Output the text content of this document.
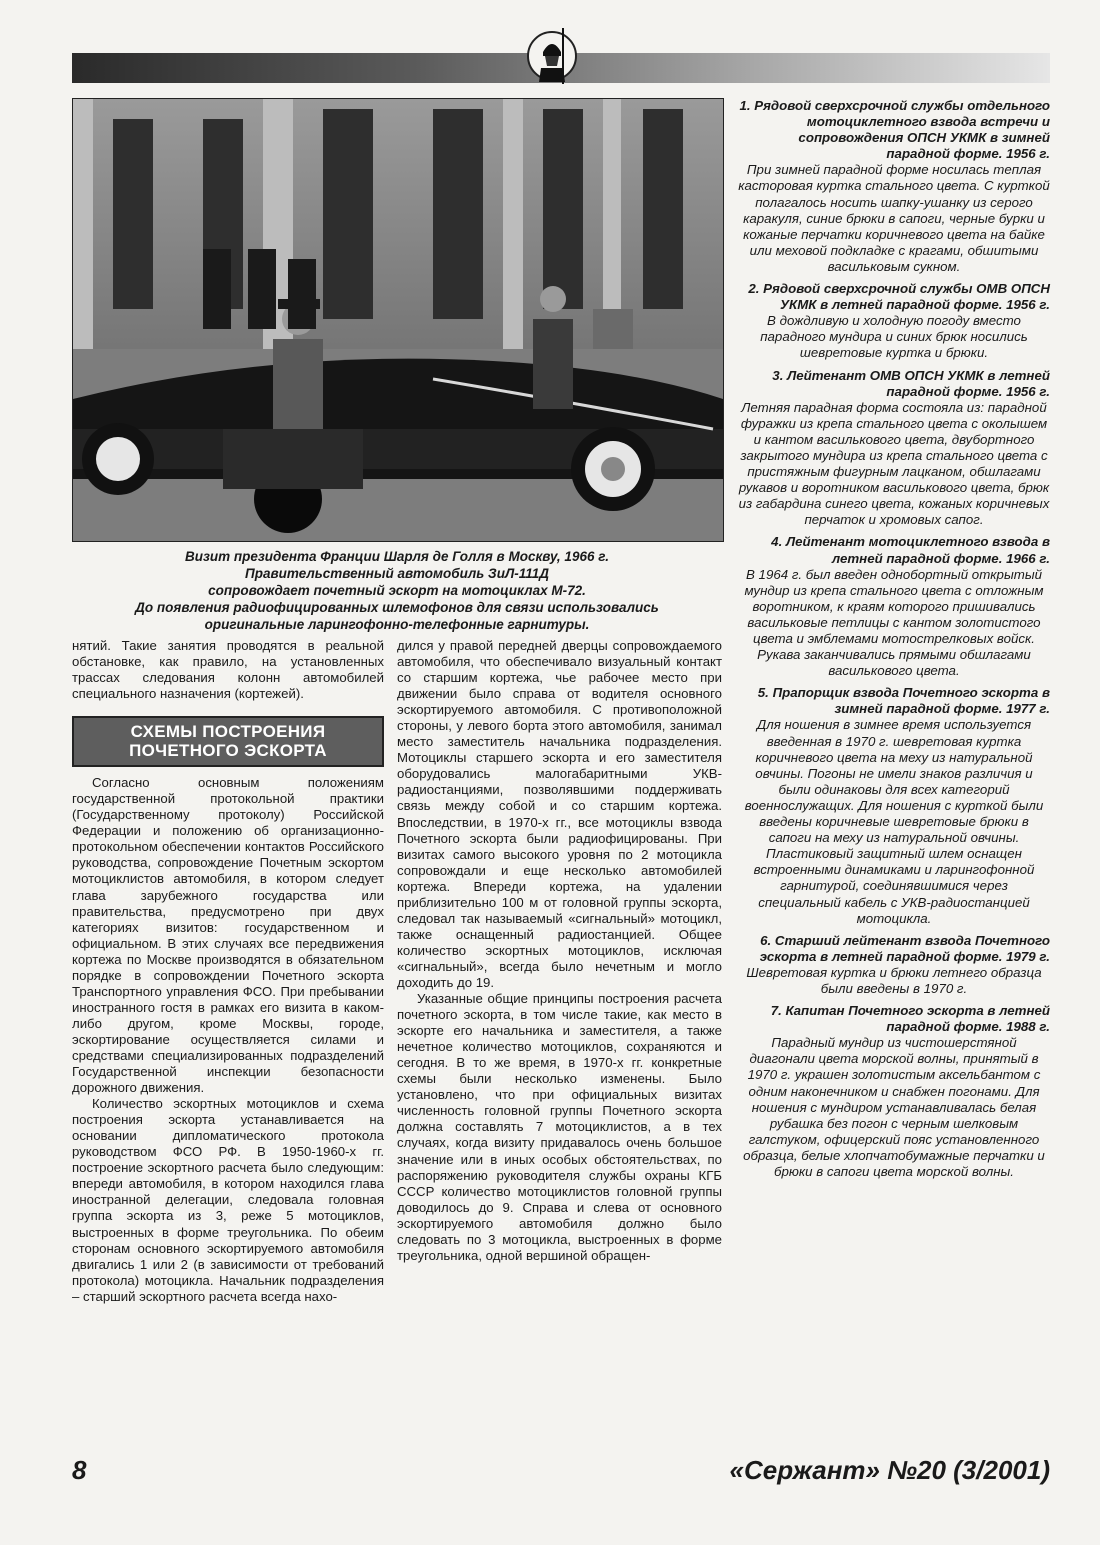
Визит президента Франции Шарля де Голля в Москву, 1966 г.
Правительственный автомобиль ЗиЛ-111Д
сопровождает почетный эскорт на мотоциклах М-72.
До появления радиофицированных шлемофонов для связи использовались
оригинальные ларингофонно-телефонные гарнитуры.

нятий. Такие занятия проводятся в реальной обстановке, как правило, на установленных трассах следования колонн автомобилей специального назначения (кортежей).

СХЕМЫ ПОСТРОЕНИЯ
ПОЧЕТНОГО ЭСКОРТА

Согласно основным положениям государственной протокольной практики (Государственному протоколу) Российской Федерации и положению об организационно-протокольном обеспечении контактов Российского руководства, сопровождение Почетным эскортом мотоциклистов автомобиля, в котором следует глава зарубежного государства или правительства, предусмотрено при двух категориях визитов: государственном и официальном. В этих случаях все передвижения кортежа по Москве производятся в обязательном порядке в сопровождении Почетного эскорта Транспортного управления ФСО. При пребывании иностранного гостя в рамках его визита в каком-либо другом, кроме Москвы, городе, эскортирование осуществляется силами и средствами специализированных подразделений Государственной инспекции безопасности дорожного движения.

Количество эскортных мотоциклов и схема построения эскорта устанавливается на основании дипломатического протокола руководством ФСО РФ. В 1950-1960-х гг. построение эскортного расчета было следующим: впереди автомобиля, в котором находился глава иностранной делегации, следовала головная группа эскорта из 3, реже 5 мотоциклов, выстроенных в форме треугольника. По обеим сторонам основного эскортируемого автомобиля двигались 1 или 2 (в зависимости от требований протокола) мотоцикла. Начальник подразделения – старший эскортного расчета всегда нахо-

дился у правой передней дверцы сопровождаемого автомобиля, что обеспечивало визуальный контакт со старшим кортежа, чье рабочее место при движении было справа от водителя основного эскортируемого автомобиля. С противоположной стороны, у левого борта этого автомобиля, занимал место заместитель начальника подразделения. Мотоциклы старшего эскорта и его заместителя оборудовались малогабаритными УКВ-радиостанциями, позволявшими поддерживать связь между собой и со старшим кортежа. Впоследствии, в 1970-х гг., все мотоциклы взвода Почетного эскорта были радиофицированы. При визитах самого высокого уровня по 2 мотоцикла сопровождали и еще несколько автомобилей кортежа. Впереди кортежа, на удалении приблизительно 100 м от головной группы эскорта, следовал так называемый «сигнальный» мотоцикл, также оснащенный радиостанцией. Общее количество эскортных мотоциклов, исключая «сигнальный», всегда было нечетным и могло доходить до 19.

Указанные общие принципы построения расчета почетного эскорта, в том числе такие, как место в эскорте его начальника и заместителя, а также нечетное количество мотоциклов, сохраняются и сегодня. В то же время, в 1970-х гг. конкретные схемы были несколько изменены. Было установлено, что при официальных визитах численность головной группы Почетного эскорта должна составлять 7 мотоциклистов, а в тех случаях, когда визиту придавалось очень большое значение или в иных особых обстоятельствах, по распоряжению руководителя службы охраны КГБ СССР количество мотоциклистов головной группы доводилось до 9. Справа и слева от основного эскортируемого автомобиля должно было следовать по 3 мотоцикла, выстроенных в форме треугольника, одной вершиной обращен-

1. Рядовой сверхсрочной службы отдельного мотоциклетного взвода встречи и сопровождения ОПСН УКМК в зимней парадной форме. 1956 г.
При зимней парадной форме носилась теплая касторовая куртка стального цвета. С курткой полагалось носить шапку-ушанку из серого каракуля, синие брюки в сапоги, черные бурки и кожаные перчатки коричневого цвета на байке или меховой подкладке с крагами, обшитыми васильковым сукном.
2. Рядовой сверхсрочной службы ОМВ ОПСН УКМК в летней парадной форме. 1956 г.
В дождливую и холодную погоду вместо парадного мундира и синих брюк носились шевретовые куртка и брюки.
3. Лейтенант ОМВ ОПСН УКМК в летней парадной форме. 1956 г.
Летняя парадная форма состояла из: парадной фуражки из крепа стального цвета с околышем и кантом василькового цвета, двубортного закрытого мундира из крепа стального цвета с пристяжным фигурным лацканом, обшлагами рукавов и воротником василькового цвета, брюк из габардина синего цвета, кожаных коричневых перчаток и хромовых сапог.
4. Лейтенант мотоциклетного взвода в летней парадной форме. 1966 г.
В 1964 г. был введен однобортный открытый мундир из крепа стального цвета с отложным воротником, к краям которого пришивались васильковые петлицы с кантом золотистого цвета и эмблемами мотострелковых войск. Рукава заканчивались прямыми обшлагами василькового цвета.
5. Прапорщик взвода Почетного эскорта в зимней парадной форме. 1977 г.
Для ношения в зимнее время используется введенная в 1970 г. шевретовая куртка коричневого цвета на меху из натуральной овчины. Погоны не имели знаков различия и были одинаковы для всех категорий военнослужащих. Для ношения с курткой были введены коричневые шевретовые брюки в сапоги на меху из натуральной овчины. Пластиковый защитный шлем оснащен встроенными динамиками и ларингофонной гарнитурой, соединявшимися через специальный кабель с УКВ-радиостанцией мотоцикла.
6. Старший лейтенант взвода Почетного эскорта в летней парадной форме. 1979 г.
Шевретовая куртка и брюки летнего образца были введены в 1970 г.
7. Капитан Почетного эскорта в летней парадной форме. 1988 г.
Парадный мундир из чистошерстяной диагонали цвета морской волны, принятый в 1970 г. украшен золотистым аксельбантом с одним наконечником и снабжен погонами. Для ношения с мундиром устанавливалась белая рубашка без погон с черным шелковым галстуком, офицерский пояс установленного образца, белые хлопчатобумажные перчатки и брюки в сапоги цвета морской волны.
8	«Сержант» №20 (3/2001)
